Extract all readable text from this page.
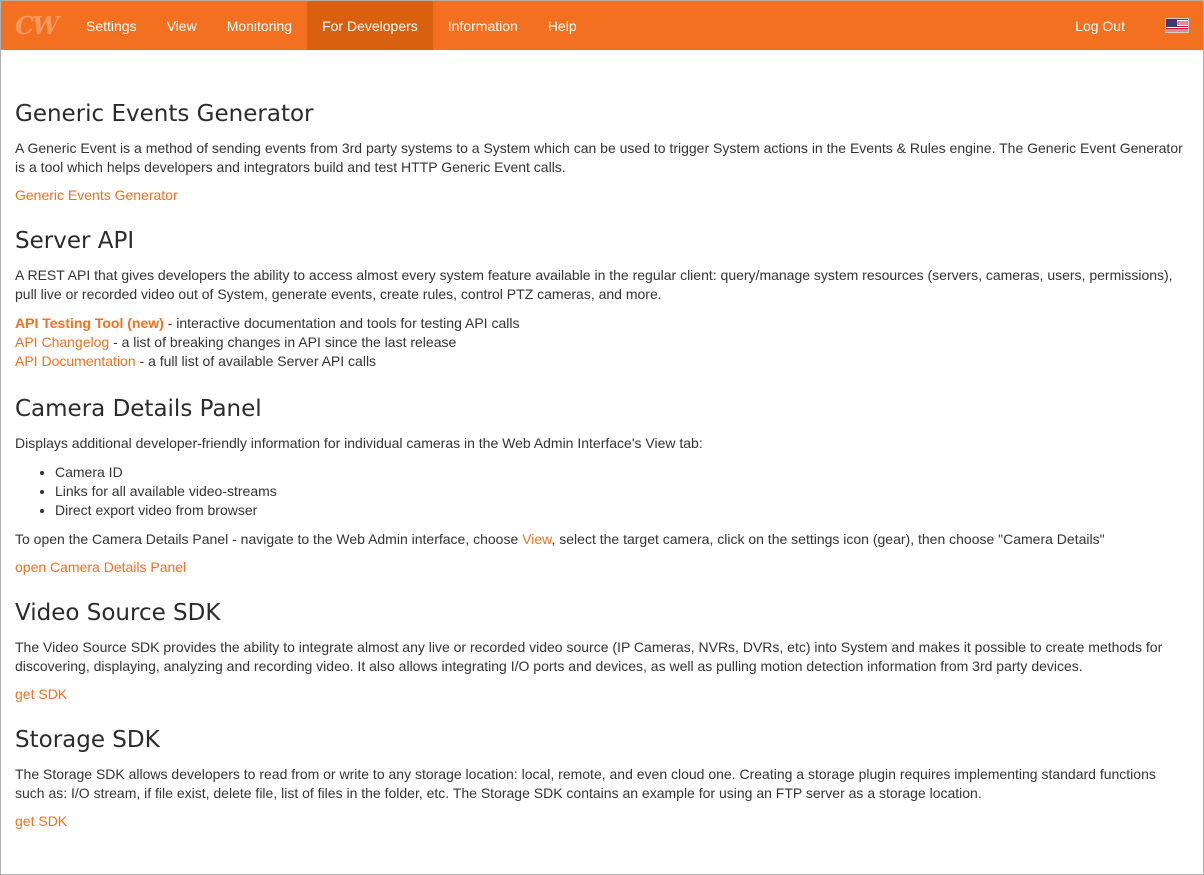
CW	Settings	View	Monitoring	For Developers	Information	Help	Log Out
Generic Events Generator

A Generic Event is a method of sending events from 3rd party systems to a System which can be used to trigger System actions in the Events & Rules engine. The Generic Event Generator is a tool which helps developers and integrators build and test HTTP Generic Event calls.

Generic Events Generator
Server API

A REST API that gives developers the ability to access almost every system feature available in the regular client: query/manage system resources (servers, cameras, users, permissions), pull live or recorded video out of System, generate events, create rules, control PTZ cameras, and more.

API Testing Tool (new) - interactive documentation and tools for testing API calls
API Changelog - a list of breaking changes in API since the last release
API Documentation - a full list of available Server API calls
Camera Details Panel

Displays additional developer-friendly information for individual cameras in the Web Admin Interface's View tab:

• Camera ID
• Links for all available video-streams
• Direct export video from browser

To open the Camera Details Panel - navigate to the Web Admin interface, choose View, select the target camera, click on the settings icon (gear), then choose "Camera Details"

open Camera Details Panel
Video Source SDK

The Video Source SDK provides the ability to integrate almost any live or recorded video source (IP Cameras, NVRs, DVRs, etc) into System and makes it possible to create methods for discovering, displaying, analyzing and recording video. It also allows integrating I/O ports and devices, as well as pulling motion detection information from 3rd party devices.

get SDK
Storage SDK

The Storage SDK allows developers to read from or write to any storage location: local, remote, and even cloud one. Creating a storage plugin requires implementing standard functions such as: I/O stream, if file exist, delete file, list of files in the folder, etc. The Storage SDK contains an example for using an FTP server as a storage location.

get SDK
